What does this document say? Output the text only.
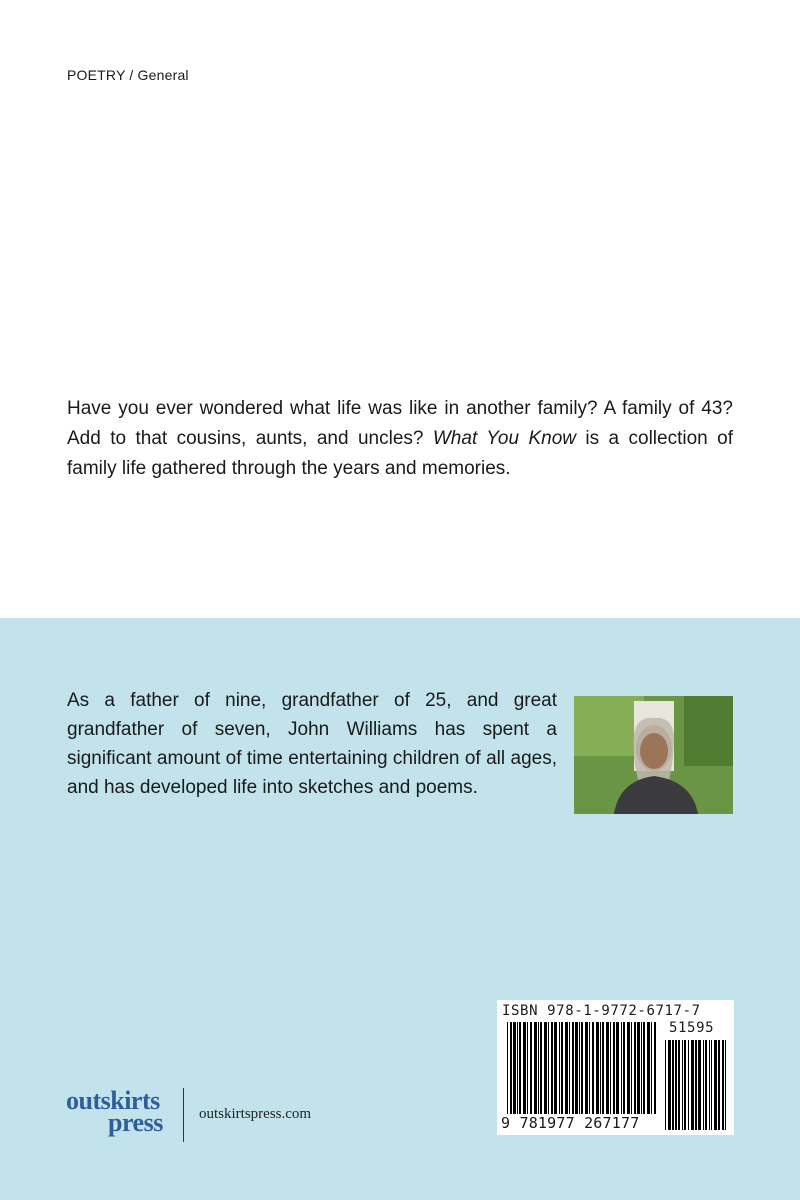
POETRY / General
Have you ever wondered what life was like in another family? A family of 43? Add to that cousins, aunts, and uncles? What You Know is a collection of family life gathered through the years and memories.
As a father of nine, grandfather of 25, and great grandfather of seven, John Williams has spent a significant amount of time entertaining children of all ages, and has developed life into sketches and poems.
outskirts
press outskirtspress.com
ISBN 978-1-9772-6717-7
51595
9 781977 267177
